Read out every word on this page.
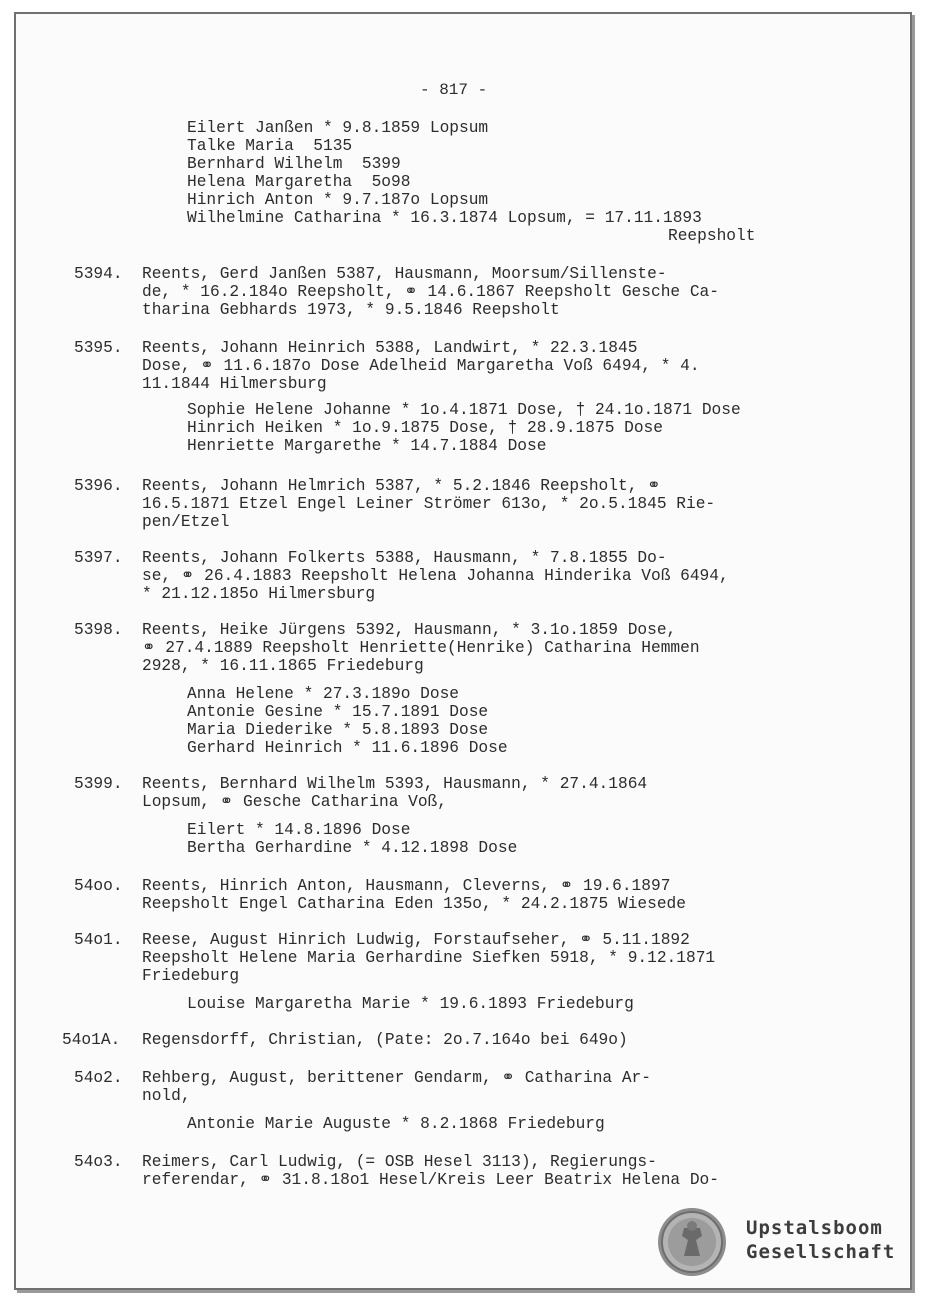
- 817 -
Eilert Janßen * 9.8.1859 Lopsum
Talke Maria  5135
Bernhard Wilhelm  5399
Helena Margaretha  5o98
Hinrich Anton * 9.7.187o Lopsum
Wilhelmine Catharina * 16.3.1874 Lopsum, = 17.11.1893
Reepsholt
5394. Reents, Gerd Janßen 5387, Hausmann, Moorsum/Sillenste-
de, * 16.2.184o Reepsholt, ⚭ 14.6.1867 Reepsholt Gesche Ca-
tharina Gebhards 1973, * 9.5.1846 Reepsholt
5395. Reents, Johann Heinrich 5388, Landwirt, * 22.3.1845
Dose, ⚭ 11.6.187o Dose Adelheid Margaretha Voß 6494, * 4.
11.1844 Hilmersburg
Sophie Helene Johanne * 1o.4.1871 Dose, † 24.1o.1871 Dose
Hinrich Heiken * 1o.9.1875 Dose, † 28.9.1875 Dose
Henriette Margarethe * 14.7.1884 Dose
5396. Reents, Johann Helmrich 5387, * 5.2.1846 Reepsholt, ⚭
16.5.1871 Etzel Engel Leiner Strömer 613o, * 2o.5.1845 Rie-
pen/Etzel
5397. Reents, Johann Folkerts 5388, Hausmann, * 7.8.1855 Do-
se, ⚭ 26.4.1883 Reepsholt Helena Johanna Hinderika Voß 6494,
* 21.12.185o Hilmersburg
5398. Reents, Heike Jürgens 5392, Hausmann, * 3.1o.1859 Dose,
⚭ 27.4.1889 Reepsholt Henriette(Henrike) Catharina Hemmen
2928, * 16.11.1865 Friedeburg
Anna Helene * 27.3.189o Dose
Antonie Gesine * 15.7.1891 Dose
Maria Diederike * 5.8.1893 Dose
Gerhard Heinrich * 11.6.1896 Dose
5399. Reents, Bernhard Wilhelm 5393, Hausmann, * 27.4.1864
Lopsum, ⚭ Gesche Catharina Voß,
Eilert * 14.8.1896 Dose
Bertha Gerhardine * 4.12.1898 Dose
54oo. Reents, Hinrich Anton, Hausmann, Cleverns, ⚭ 19.6.1897
Reepsholt Engel Catharina Eden 135o, * 24.2.1875 Wiesede
54o1. Reese, August Hinrich Ludwig, Forstaufseher, ⚭ 5.11.1892
Reepsholt Helene Maria Gerhardine Siefken 5918, * 9.12.1871
Friedeburg
Louise Margaretha Marie * 19.6.1893 Friedeburg
54o1A. Regensdorff, Christian, (Pate: 2o.7.164o bei 649o)
54o2. Rehberg, August, berittener Gendarm, ⚭ Catharina Ar-
nold,
Antonie Marie Auguste * 8.2.1868 Friedeburg
54o3. Reimers, Carl Ludwig, (= OSB Hesel 3113), Regierungs-
referendar, ⚭ 31.8.18o1 Hesel/Kreis Leer Beatrix Helena Do-
Upstalsboom
Gesellschaft
